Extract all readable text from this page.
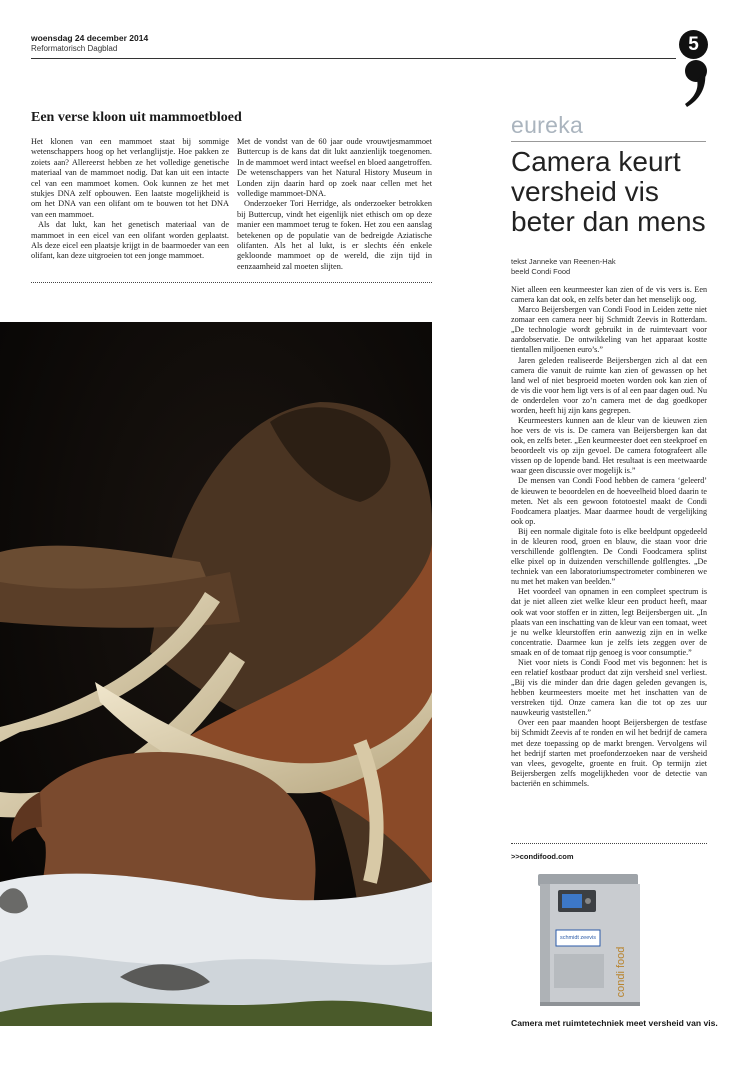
woensdag 24 december 2014
Reformatorisch Dagblad	5
Een verse kloon uit mammoetbloed

Het klonen van een mammoet staat bij sommige wetenschappers hoog op het verlanglijstje. Hoe pakken ze zoiets aan? Allereerst hebben ze het volledige genetische materiaal van de mammoet nodig. Dat kan uit een intacte cel van een mammoet komen. Ook kunnen ze het met stukjes DNA zelf opbouwen. Een laatste mogelijkheid is om het DNA van een olifant om te bouwen tot het DNA van een mammoet.

Als dat lukt, kan het genetisch materiaal van de mammoet in een eicel van een olifant worden geplaatst. Als deze eicel een plaatsje krijgt in de baarmoeder van een olifant, kan deze uitgroeien tot een jonge mammoet.

Met de vondst van de 60 jaar oude vrouwtjesmammoet Buttercup is de kans dat dit lukt aanzienlijk toegenomen. In de mammoet werd intact weefsel en bloed aangetroffen. De wetenschappers van het Natural History Museum in Londen zijn daarin hard op zoek naar cellen met het volledige mammoet-DNA.

Onderzoeker Tori Herridge, als onderzoeker betrokken bij Buttercup, vindt het eigenlijk niet ethisch om op deze manier een mammoet terug te foken. Het zou een aanslag betekenen op de populatie van de bedreigde Aziatische olifanten. Als het al lukt, is er slechts één enkele gekloonde mammoet op de wereld, die zijn tijd in eenzaamheid zal moeten slijten.

eureka
Camera keurt versheid vis beter dan mens
tekst Janneke van Reenen-Hak
beeld Condi Food

Niet alleen een keurmeester kan zien of de vis vers is. Een camera kan dat ook, en zelfs beter dan het menselijk oog.

Marco Beijersbergen van Condi Food in Leiden zette niet zomaar een camera neer bij Schmidt Zeevis in Rotterdam. „De technologie wordt gebruikt in de ruimtevaart voor aardobservatie. De ontwikkeling van het apparaat kostte tientallen miljoenen euro’s.”

Jaren geleden realiseerde Beijersbergen zich al dat een camera die vanuit de ruimte kan zien of gewassen op het land wel of niet besproeid moeten worden ook kan zien of de vis die voor hem ligt vers is of al een paar dagen oud. Nu de onderdelen voor zo’n camera met de dag goedkoper worden, heeft hij zijn kans gegrepen.

Keurmeesters kunnen aan de kleur van de kieuwen zien hoe vers de vis is. De camera van Beijersbergen kan dat ook, en zelfs beter. „Een keurmeester doet een steekproef en beoordeelt vis op zijn gevoel. De camera fotografeert alle vissen op de lopende band. Het resultaat is een meetwaarde waar geen discussie over mogelijk is.”

De mensen van Condi Food hebben de camera ‘geleerd’ de kieuwen te beoordelen en de hoeveelheid bloed daarin te meten. Net als een gewoon fototoestel maakt de Condi Foodcamera plaatjes. Maar daarmee houdt de vergelijking ook op.

Bij een normale digitale foto is elke beeldpunt opgedeeld in de kleuren rood, groen en blauw, die staan voor drie verschillende golflengten. De Condi Foodcamera splitst elke pixel op in duizenden verschillende golflengtes. „De techniek van een laboratoriumspectrometer combineren we nu met het maken van beelden.”

Het voordeel van opnamen in een compleet spectrum is dat je niet alleen ziet welke kleur een product heeft, maar ook wat voor stoffen er in zitten, legt Beijersbergen uit. „In plaats van een inschatting van de kleur van een tomaat, weet je nu welke kleurstoffen erin aanwezig zijn en in welke concentratie. Daarmee kun je zelfs iets zeggen over de smaak en of de tomaat rijp genoeg is voor consumptie.”

Niet voor niets is Condi Food met vis begonnen: het is een relatief kostbaar product dat zijn versheid snel verliest. „Bij vis die minder dan drie dagen geleden gevangen is, hebben keurmeesters moeite met het inschatten van de verstreken tijd. Onze camera kan die tot op zes uur nauwkeurig vaststellen.”

Over een paar maanden hoopt Beijersbergen de testfase bij Schmidt Zeevis af te ronden en wil het bedrijf de camera met deze toepassing op de markt brengen. Vervolgens wil het bedrijf starten met proefonderzoeken naar de versheid van vlees, gevogelte, groente en fruit. Op termijn ziet Beijersbergen zelfs mogelijkheden voor de detectie van bacteriën en schimmels.

>>condifood.com
schmidt zeevis
condi food
Camera met ruimtetechniek meet versheid van vis.
